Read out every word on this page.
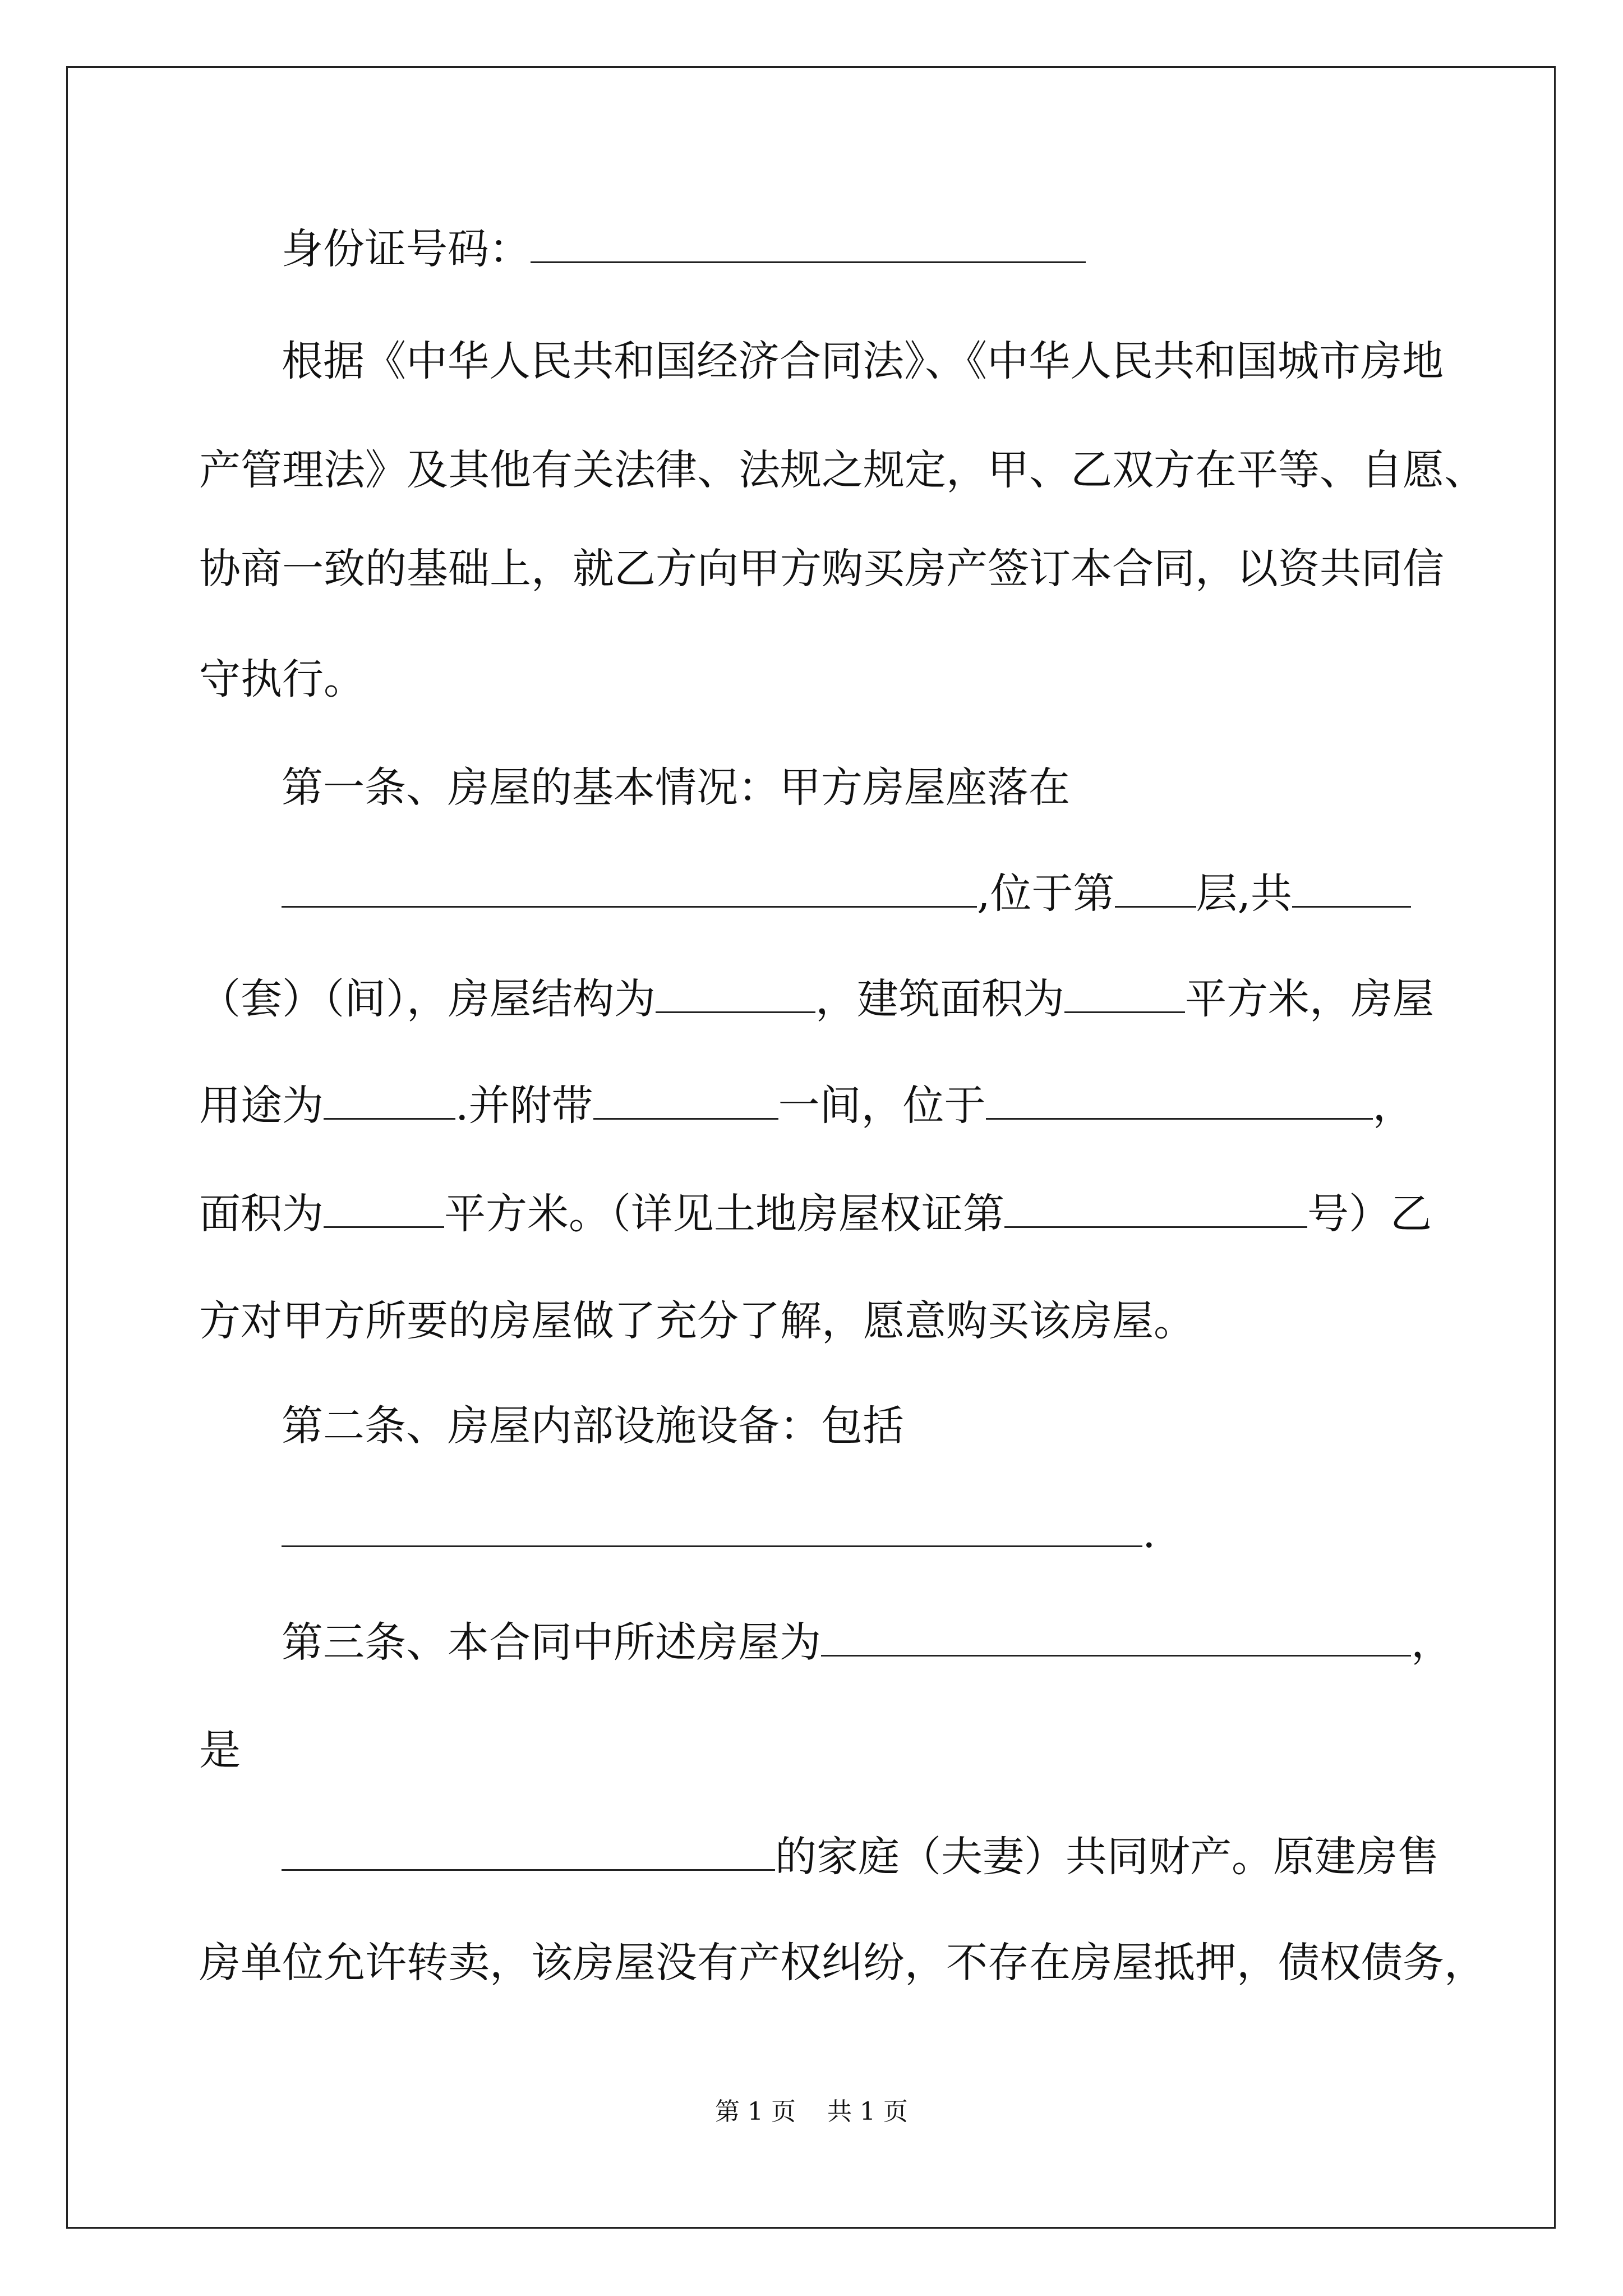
身份证号码：
根据《中华人民共和国经济合同法》、《中华人民共和国城市房地
产管理法》及其他有关法律、法规之规定，甲、乙双方在平等、自愿、
协商一致的基础上，就乙方向甲方购买房产签订本合同，以资共同信
守执行。
第一条、房屋的基本情况：甲方房屋座落在
,位于第 层,共
（套）（间），房屋结构为	，建筑面积为	平方米，房屋
用途为	.并附带	一间，位于	，
面积为	平方米。（详见土地房屋权证第	号）乙
方对甲方所要的房屋做了充分了解，愿意购买该房屋。
第二条、房屋内部设施设备：包括
.
第三条、本合同中所述房屋为	，
是
的家庭（夫妻）共同财产。原建房售
房单位允许转卖，该房屋没有产权纠纷，不存在房屋抵押，债权债务，
第 1 页    共 1 页
